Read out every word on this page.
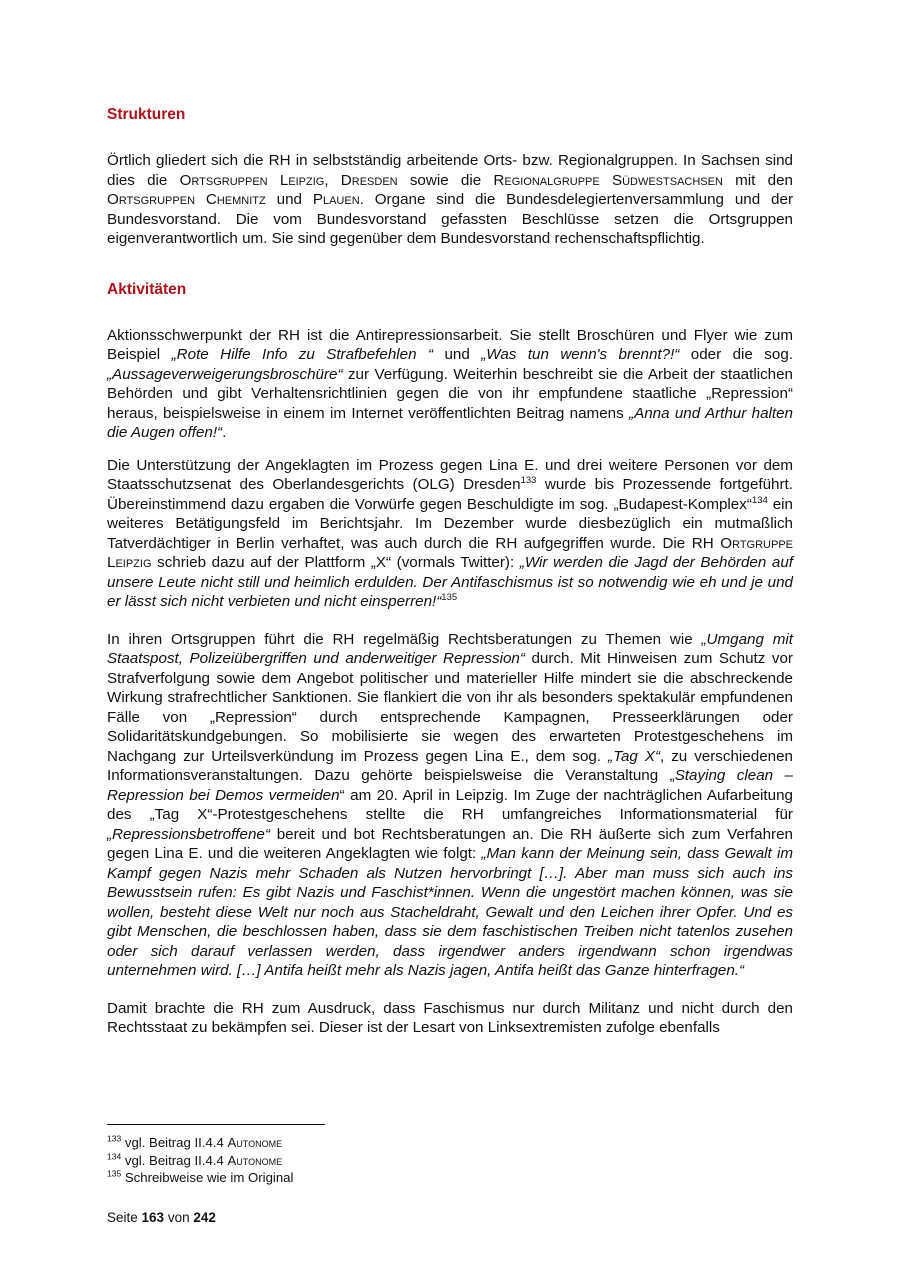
Strukturen

Örtlich gliedert sich die RH in selbstständig arbeitende Orts- bzw. Regionalgruppen. In Sachsen sind dies die Ortsgruppen Leipzig, Dresden sowie die Regionalgruppe Südwestsachsen mit den Ortsgruppen Chemnitz und Plauen. Organe sind die Bundesdelegiertenversammlung und der Bundesvorstand. Die vom Bundesvorstand gefassten Beschlüsse setzen die Ortsgruppen eigenverantwortlich um. Sie sind gegenüber dem Bundesvorstand rechenschaftspflichtig.

Aktivitäten

Aktionsschwerpunkt der RH ist die Antirepressionsarbeit. Sie stellt Broschüren und Flyer wie zum Beispiel „Rote Hilfe Info zu Strafbefehlen “ und „Was tun wenn's brennt?!“ oder die sog. „Aussageverweigerungsbroschüre“ zur Verfügung. Weiterhin beschreibt sie die Arbeit der staatlichen Behörden und gibt Verhaltensrichtlinien gegen die von ihr empfundene staatliche „Repression“ heraus, beispielsweise in einem im Internet veröffentlichten Beitrag namens „Anna und Arthur halten die Augen offen!“.

Die Unterstützung der Angeklagten im Prozess gegen Lina E. und drei weitere Personen vor dem Staatsschutzsenat des Oberlandesgerichts (OLG) Dresden$^{133}$ wurde bis Prozessende fortgeführt. Übereinstimmend dazu ergaben die Vorwürfe gegen Beschuldigte im sog. „Budapest-Komplex“$^{134}$ ein weiteres Betätigungsfeld im Berichtsjahr. Im Dezember wurde diesbezüglich ein mutmaßlich Tatverdächtiger in Berlin verhaftet, was auch durch die RH aufgegriffen wurde. Die RH Ortgruppe Leipzig schrieb dazu auf der Plattform „X“ (vormals Twitter): „Wir werden die Jagd der Behörden auf unsere Leute nicht still und heimlich erdulden. Der Antifaschismus ist so notwendig wie eh und je und er lässt sich nicht verbieten und nicht einsperren!“$^{135}$

In ihren Ortsgruppen führt die RH regelmäßig Rechtsberatungen zu Themen wie „Umgang mit Staatspost, Polizeiübergriffen und anderweitiger Repression“ durch. Mit Hinweisen zum Schutz vor Strafverfolgung sowie dem Angebot politischer und materieller Hilfe mindert sie die abschreckende Wirkung strafrechtlicher Sanktionen. Sie flankiert die von ihr als besonders spektakulär empfundenen Fälle von „Repression“ durch entsprechende Kampagnen, Presseerklärungen oder Solidaritätskundgebungen. So mobilisierte sie wegen des erwarteten Protestgeschehens im Nachgang zur Urteilsverkündung im Prozess gegen Lina E., dem sog. „Tag X“, zu verschiedenen Informationsveranstaltungen. Dazu gehörte beispielsweise die Veranstaltung „Staying clean – Repression bei Demos vermeiden“ am 20. April in Leipzig. Im Zuge der nachträglichen Aufarbeitung des „Tag X“-Protestgeschehens stellte die RH umfangreiches Informationsmaterial für „Repressionsbetroffene“ bereit und bot Rechtsberatungen an. Die RH äußerte sich zum Verfahren gegen Lina E. und die weiteren Angeklagten wie folgt: „Man kann der Meinung sein, dass Gewalt im Kampf gegen Nazis mehr Schaden als Nutzen hervorbringt […]. Aber man muss sich auch ins Bewusstsein rufen: Es gibt Nazis und Faschist*innen. Wenn die ungestört machen können, was sie wollen, besteht diese Welt nur noch aus Stacheldraht, Gewalt und den Leichen ihrer Opfer. Und es gibt Menschen, die beschlossen haben, dass sie dem faschistischen Treiben nicht tatenlos zusehen oder sich darauf verlassen werden, dass irgendwer anders irgendwann schon irgendwas unternehmen wird. […] Antifa heißt mehr als Nazis jagen, Antifa heißt das Ganze hinterfragen.“

Damit brachte die RH zum Ausdruck, dass Faschismus nur durch Militanz und nicht durch den Rechtsstaat zu bekämpfen sei. Dieser ist der Lesart von Linksextremisten zufolge ebenfalls

$^{133}$ vgl. Beitrag II.4.4 Autonome
$^{134}$ vgl. Beitrag II.4.4 Autonome
$^{135}$ Schreibweise wie im Original
Seite 163 von 242
